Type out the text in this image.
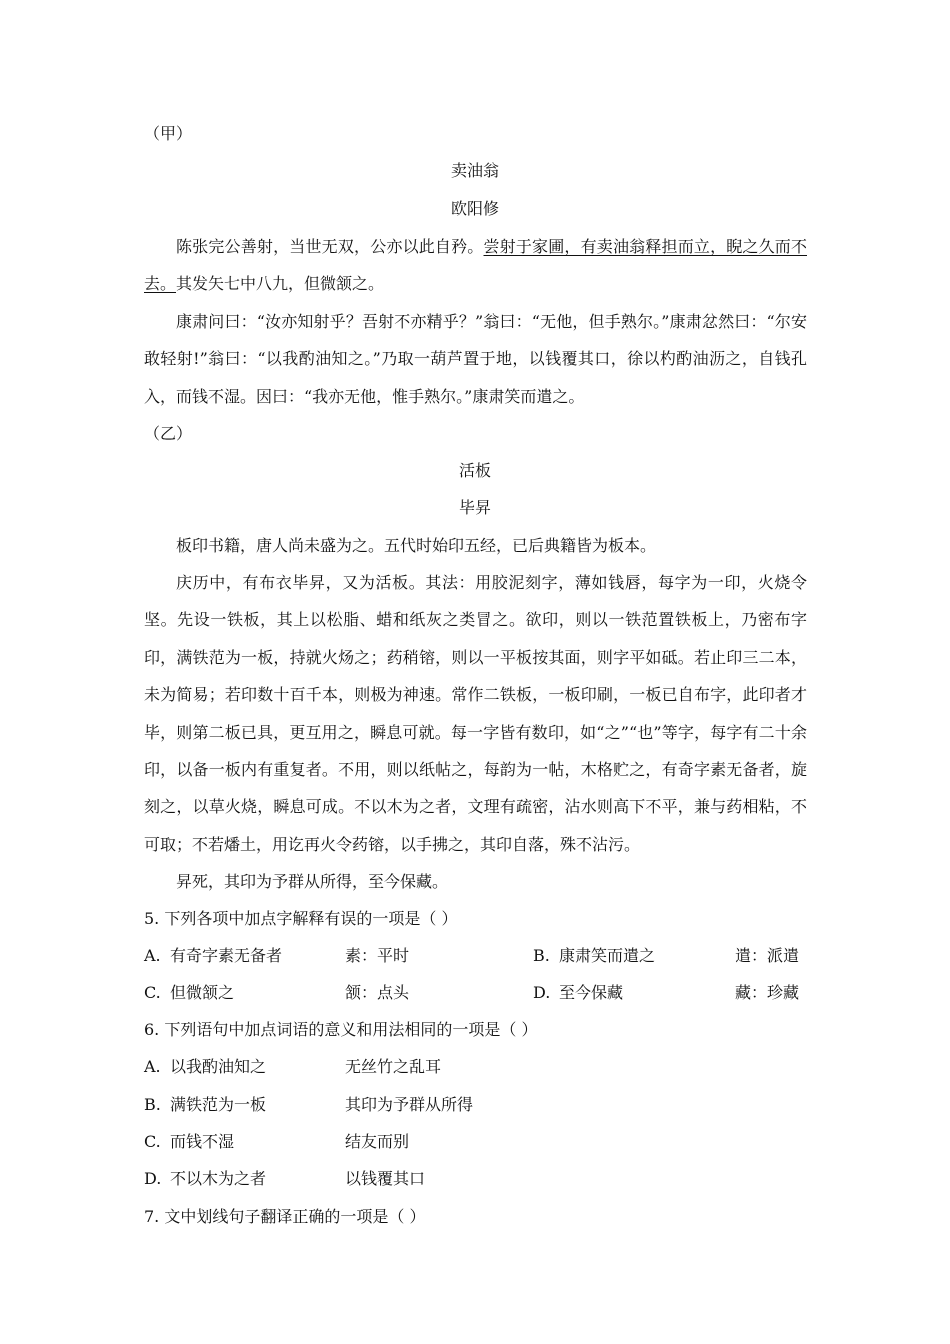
（甲）
卖油翁
欧阳修
陈张完公善射，当世无双，公亦以此自矜。尝射于家圃，有卖油翁释担而立，睨之久而不去。其发矢七中八九，但微颔之。
康肃问曰：“汝亦知射乎？吾射不亦精乎？”翁曰：“无他，但手熟尔。”康肃忿然曰：“尔安敢轻射!”翁曰：“以我酌油知之。”乃取一葫芦置于地，以钱覆其口，徐以杓酌油沥之，自钱孔入，而钱不湿。因曰：“我亦无他，惟手熟尔。”康肃笑而遣之。
（乙）
活板
毕昇
板印书籍，唐人尚未盛为之。五代时始印五经，已后典籍皆为板本。
庆历中，有布衣毕昇，又为活板。其法：用胶泥刻字，薄如钱唇，每字为一印，火烧令坚。先设一铁板，其上以松脂、蜡和纸灰之类冒之。欲印，则以一铁范置铁板上，乃密布字印，满铁范为一板，持就火炀之；药稍镕，则以一平板按其面，则字平如砥。若止印三二本，未为简易；若印数十百千本，则极为神速。常作二铁板，一板印刷，一板已自布字，此印者才毕，则第二板已具，更互用之，瞬息可就。每一字皆有数印，如“之”“也”等字，每字有二十余印，以备一板内有重复者。不用，则以纸帖之，每韵为一帖，木格贮之，有奇字素无备者，旋刻之，以草火烧，瞬息可成。不以木为之者，文理有疏密，沾水则高下不平，兼与药相粘，不可取；不若燔土，用讫再火令药镕，以手拂之，其印自落，殊不沾污。
昇死，其印为予群从所得，至今保藏。
5. 下列各项中加点字解释有误的一项是（ ）
A. 有奇字素无备者	素：平时	B. 康肃笑而遣之	遣：派遣
C. 但微颔之	颔：点头	D. 至今保藏	藏：珍藏
6. 下列语句中加点词语的意义和用法相同的一项是（ ）
A. 以我酌油知之	无丝竹之乱耳
B. 满铁范为一板	其印为予群从所得
C. 而钱不湿	结友而别
D. 不以木为之者	以钱覆其口
7. 文中划线句子翻译正确的一项是（ ）
